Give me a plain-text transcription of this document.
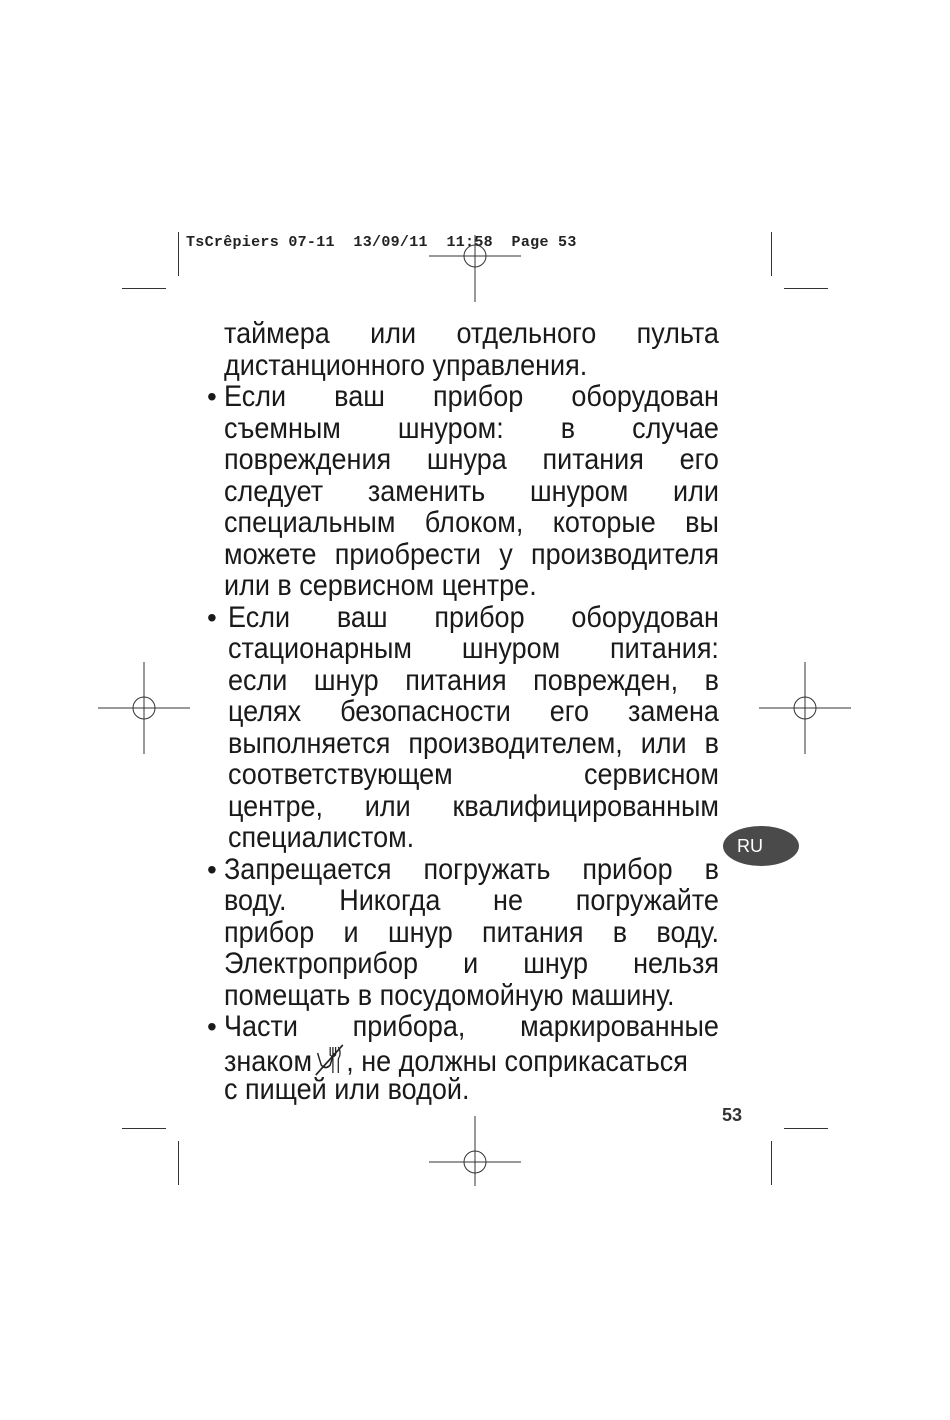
TsCrêpiers 07-11  13/09/11  11:58  Page 53
таймера или отдельного пульта
дистанционного управления.
• Если ваш прибор оборудован
съемным шнуром: в случае
повреждения шнура питания его
следует заменить шнуром или
специальным блоком, которые вы
можете приобрести у производителя
или в сервисном центре.
• Если ваш прибор оборудован
стационарным шнуром питания:
если шнур питания поврежден, в
целях безопасности его замена
выполняется производителем, или в
соответствующем сервисном
центре, или квалифицированным
специалистом.
• Запрещается погружать прибор в
воду. Никогда не погружайте
прибор и шнур питания в воду.
Электроприбор и шнур нельзя
помещать в посудомойную машину.
• Части прибора, маркированные
знаком , не должны соприкасаться
с пищей или водой.
RU
53
